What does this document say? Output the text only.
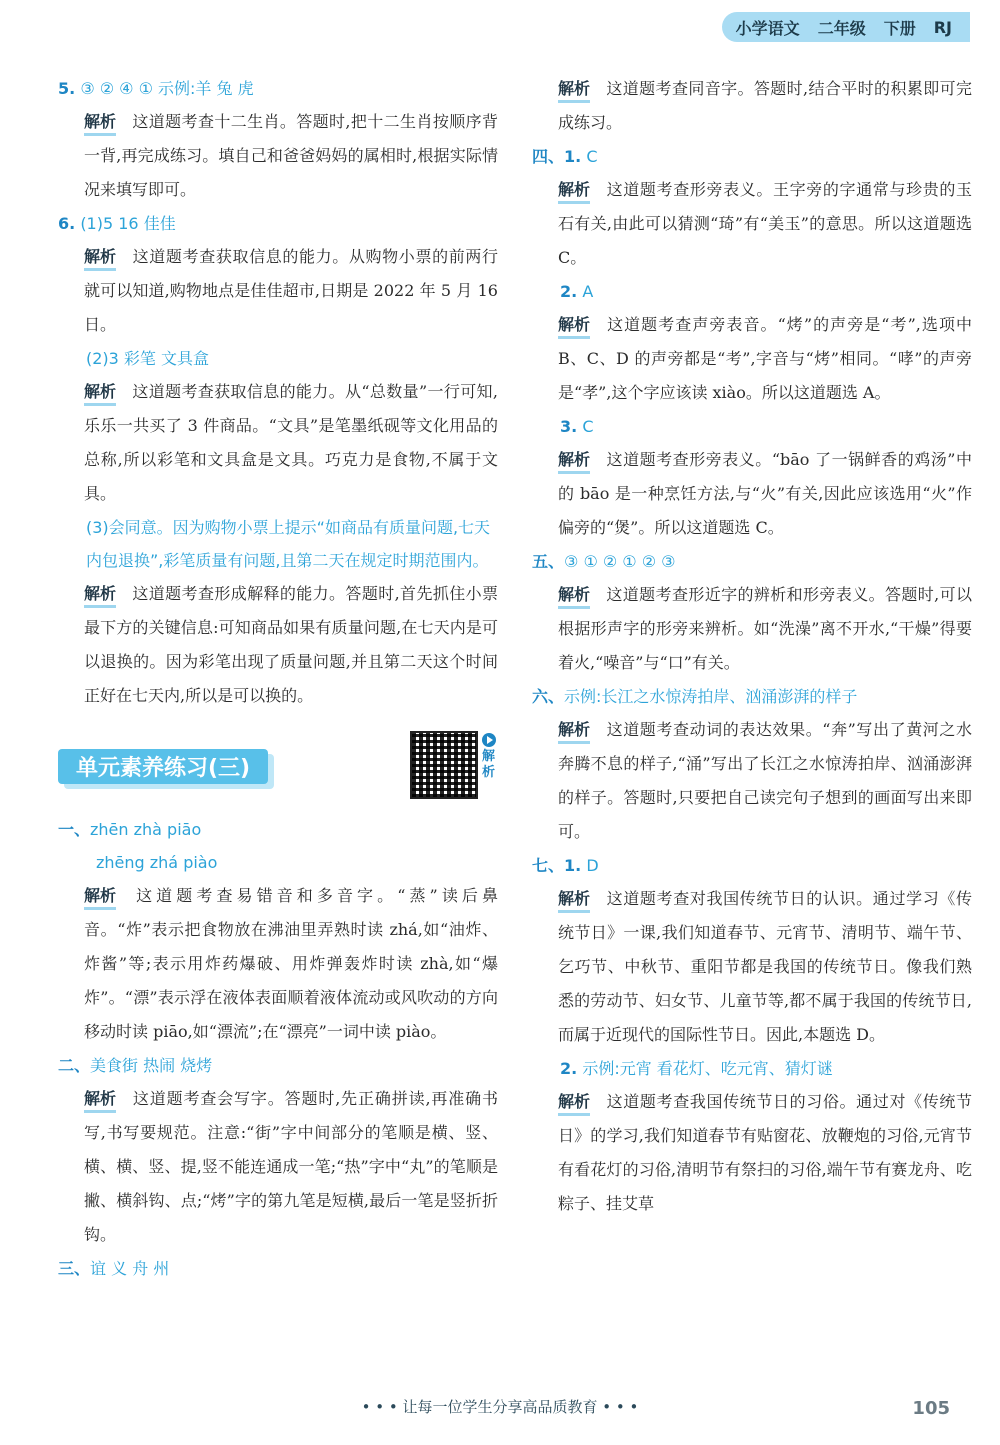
小学语文 二年级 下册 RJ
5. ③ ② ④ ① 示例:羊 兔 虎
解析 这道题考查十二生肖。答题时,把十二生肖按顺序背一背,再完成练习。填自己和爸爸妈妈的属相时,根据实际情况来填写即可。
6. (1)5 16 佳佳
解析 这道题考查获取信息的能力。从购物小票的前两行就可以知道,购物地点是佳佳超市,日期是 2022 年 5 月 16 日。
(2)3 彩笔 文具盒
解析 这道题考查获取信息的能力。从“总数量”一行可知,乐乐一共买了 3 件商品。“文具”是笔墨纸砚等文化用品的总称,所以彩笔和文具盒是文具。巧克力是食物,不属于文具。
(3)会同意。因为购物小票上提示“如商品有质量问题,七天内包退换”,彩笔质量有问题,且第二天在规定时期范围内。
解析 这道题考查形成解释的能力。答题时,首先抓住小票最下方的关键信息:可知商品如果有质量问题,在七天内是可以退换的。因为彩笔出现了质量问题,并且第二天这个时间正好在七天内,所以是可以换的。
单元素养练习(三)	解析
一、zhēn zhà piāo
zhēng zhá piào
解析 这道题考查易错音和多音字。“蒸”读后鼻音。“炸”表示把食物放在沸油里弄熟时读 zhá,如“油炸、炸酱”等;表示用炸药爆破、用炸弹轰炸时读 zhà,如“爆炸”。“漂”表示浮在液体表面顺着液体流动或风吹动的方向移动时读 piāo,如“漂流”;在“漂亮”一词中读 piào。
二、美食街 热闹 烧烤
解析 这道题考查会写字。答题时,先正确拼读,再准确书写,书写要规范。注意:“街”字中间部分的笔顺是横、竖、横、横、竖、提,竖不能连通成一笔;“热”字中“丸”的笔顺是撇、横斜钩、点;“烤”字的第九笔是短横,最后一笔是竖折折钩。
三、谊 义 舟 州
解析 这道题考查同音字。答题时,结合平时的积累即可完成练习。
四、1. C
解析 这道题考查形旁表义。王字旁的字通常与珍贵的玉石有关,由此可以猜测“琦”有“美玉”的意思。所以这道题选 C。
2. A
解析 这道题考查声旁表音。“烤”的声旁是“考”,选项中 B、C、D 的声旁都是“考”,字音与“烤”相同。“哮”的声旁是“孝”,这个字应该读 xiào。所以这道题选 A。
3. C
解析 这道题考查形旁表义。“bāo 了一锅鲜香的鸡汤”中的 bāo 是一种烹饪方法,与“火”有关,因此应该选用“火”作偏旁的“煲”。所以这道题选 C。
五、③ ① ② ① ② ③
解析 这道题考查形近字的辨析和形旁表义。答题时,可以根据形声字的形旁来辨析。如“洗澡”离不开水,“干燥”得要着火,“噪音”与“口”有关。
六、示例:长江之水惊涛拍岸、汹涌澎湃的样子
解析 这道题考查动词的表达效果。“奔”写出了黄河之水奔腾不息的样子,“涌”写出了长江之水惊涛拍岸、汹涌澎湃的样子。答题时,只要把自己读完句子想到的画面写出来即可。
七、1. D
解析 这道题考查对我国传统节日的认识。通过学习《传统节日》一课,我们知道春节、元宵节、清明节、端午节、乞巧节、中秋节、重阳节都是我国的传统节日。像我们熟悉的劳动节、妇女节、儿童节等,都不属于我国的传统节日,而属于近现代的国际性节日。因此,本题选 D。
2. 示例:元宵 看花灯、吃元宵、猜灯谜
解析 这道题考查我国传统节日的习俗。通过对《传统节日》的学习,我们知道春节有贴窗花、放鞭炮的习俗,元宵节有看花灯的习俗,清明节有祭扫的习俗,端午节有赛龙舟、吃粽子、挂艾草
• • • 让每一位学生分享高品质教育 • • •	105
